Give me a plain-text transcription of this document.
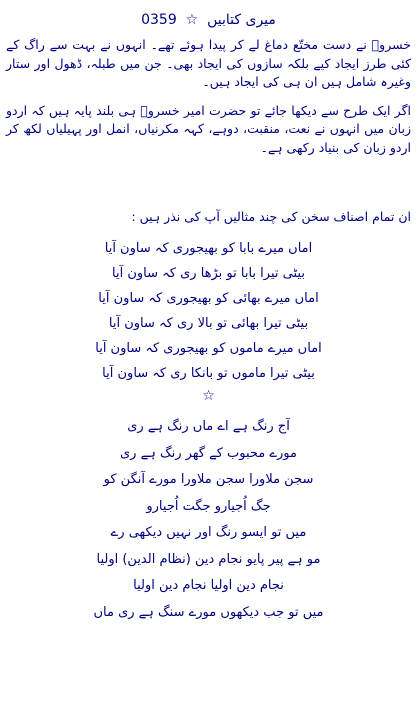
میری کتابیں  ☆  0359

خسروؒ نے دست مختّع دماغ لے کر پیدا ہوئے تھے۔ انہوں نے بہت سے راگ کے کئی طرز ایجاد کیے بلکہ سازوں کی ایجاد بھی۔ جن میں طبلہ، ڈھول اور ستار وغیرہ شامل ہیں ان ہی کی ایجاد ہیں۔

اگر ایک طرح سے دیکھا جائے تو حضرت امیر خسروؒ ہی بلند پایہ ہیں کہ اردو زبان میں انہوں نے نعت، منقبت، دوہے، کہہ مکرنیاں، انمل اور پہیلیاں لکھ کر اردو زبان کی بنیاد رکھی ہے۔

ان تمام اصناف سخن کی چند مثالیں آپ کی نذر ہیں :
اماں میرے بابا کو بھیجوری کہ ساون آیا
بیٹی تیرا بابا تو بڑھا ری کہ ساون آیا
اماں میرے بھائی کو بھیجوری کہ ساون آیا
بیٹی تیرا بھائی تو بالا ری کہ ساون آیا
اماں میرے ماموں کو بھیجوری کہ ساون آیا
بیٹی تیرا ماموں تو بانکا ری کہ ساون آیا
☆
آج رنگ ہے اے ماں رنگ ہے ری
مورے محبوب کے گھر رنگ ہے ری
سجن ملاورا سجن ملاورا مورے آنگن کو
جگ اُجیارو جگت اُجیارو
میں تو ایسو رنگ اور نہیں دیکھی رے
مو ہے پیر پایو نجام دین (نظام الدین) اولیا
نجام دین اولیا نجام دین اولیا
میں تو جب دیکھوں مورے سنگ ہے ری ماں
